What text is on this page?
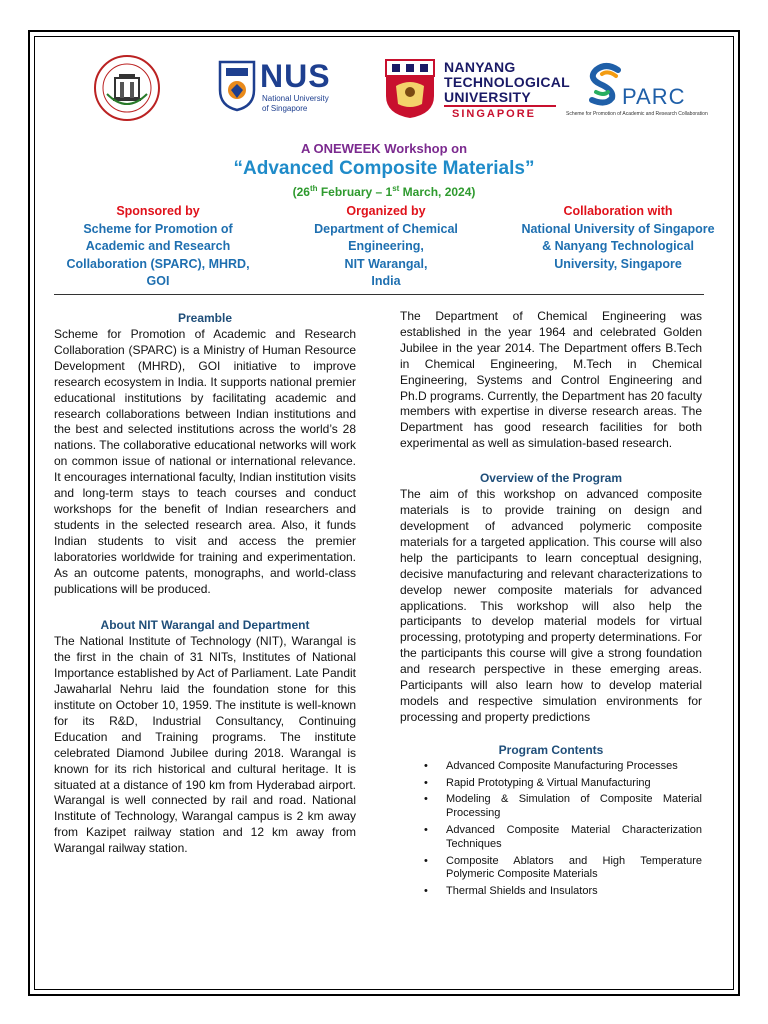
NUS
National University
of Singapore
NANYANG
TECHNOLOGICAL
UNIVERSITY
SINGAPORE
PARC
Scheme for Promotion of Academic and Research Collaboration
A ONEWEEK Workshop on
“Advanced Composite Materials”
(26th February – 1st March, 2024)
Sponsored by
Scheme for Promotion of
Academic and Research
Collaboration (SPARC), MHRD,
GOI
Organized by
Department of Chemical
Engineering,
NIT Warangal,
India
Collaboration with
National University of Singapore
& Nanyang Technological
University, Singapore
Preamble

Scheme for Promotion of Academic and Research Collaboration (SPARC) is a Ministry of Human Resource Development (MHRD), GOI initiative to improve research ecosystem in India. It supports national premier educational institutions by facilitating academic and research collaborations between Indian institutions and the best and selected institutions across the world’s 28 nations. The collaborative educational networks will work on common issue of national or international relevance. It encourages international faculty, Indian institution visits and long-term stays to teach courses and conduct workshops for the benefit of Indian researchers and students in the selected research area. Also, it funds Indian students to visit and access the premier laboratories worldwide for training and experimentation. As an outcome patents, monographs, and world-class publications will be produced.

About NIT Warangal and Department

The National Institute of Technology (NIT), Warangal is the first in the chain of 31 NITs, Institutes of National Importance established by Act of Parliament. Late Pandit Jawaharlal Nehru laid the foundation stone for this institute on October 10, 1959. The institute is well-known for its R&D, Industrial Consultancy, Continuing Education and Training programs. The institute celebrated Diamond Jubilee during 2018. Warangal is known for its rich historical and cultural heritage. It is situated at a distance of 190 km from Hyderabad airport. Warangal is well connected by rail and road. National Institute of Technology, Warangal campus is 2 km away from Kazipet railway station and 12 km away from Warangal railway station.

The Department of Chemical Engineering was established in the year 1964 and celebrated Golden Jubilee in the year 2014. The Department offers B.Tech in Chemical Engineering, M.Tech in Chemical Engineering, Systems and Control Engineering and Ph.D programs. Currently, the Department has 20 faculty members with expertise in diverse research areas. The Department has good research facilities for both experimental as well as simulation-based research.

Overview of the Program

The aim of this workshop on advanced composite materials is to provide training on design and development of advanced polymeric composite materials for a targeted application. This course will also help the participants to learn conceptual designing, decisive manufacturing and relevant characterizations to develop newer composite materials for advanced applications. This workshop will also help the participants to develop material models for virtual processing, prototyping and property determinations. For the participants this course will give a strong foundation and research perspective in these emerging areas. Participants will also learn how to develop material models and respective simulation environments for processing and property predictions

Program Contents
• Advanced Composite Manufacturing Processes
• Rapid Prototyping & Virtual Manufacturing
• Modeling & Simulation of Composite Material Processing
• Advanced Composite Material Characterization Techniques
• Composite Ablators and High Temperature Polymeric Composite Materials
• Thermal Shields and Insulators
